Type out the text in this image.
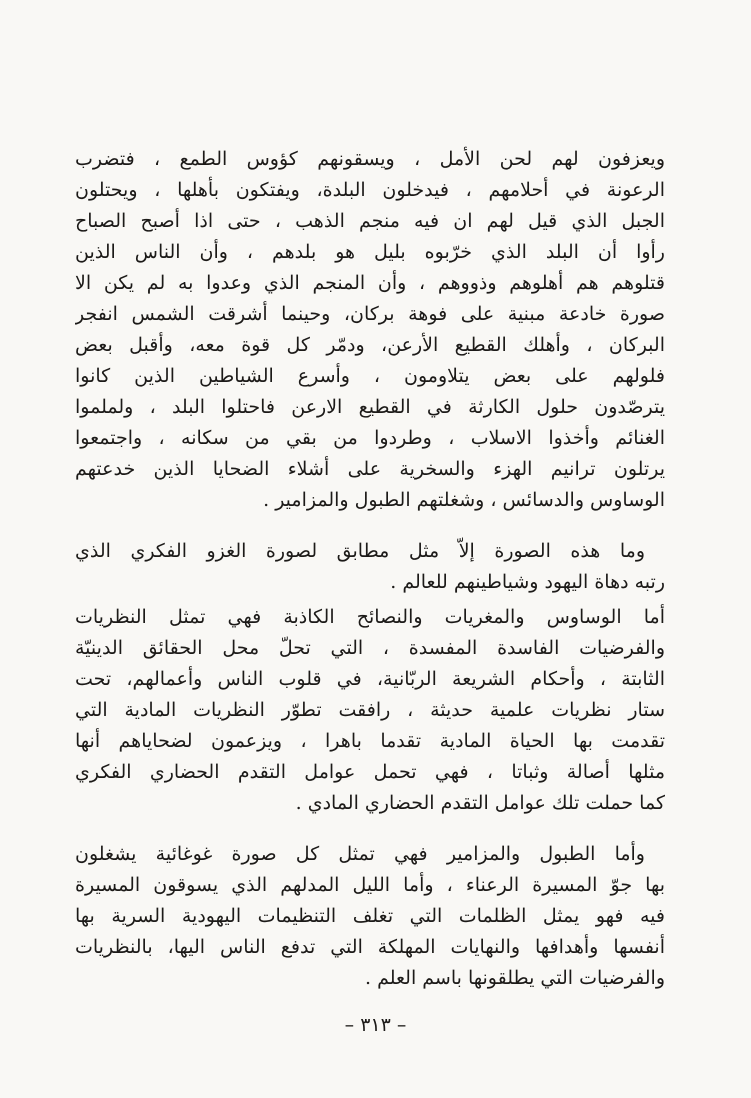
ويعزفون لهم لحن الأمل ، ويسقونهم كؤوس الطمع ، فتضرب
الرعونة في أحلامهم ، فيدخلون البلدة، ويفتكون بأهلها ، ويحتلون
الجبل الذي قيل لهم ان فيه منجم الذهب ، حتى اذا أصبح الصباح
رأوا أن البلد الذي خرّبوه بليل هو بلدهم ، وأن الناس الذين
قتلوهم هم أهلوهم وذووهم ، وأن المنجم الذي وعدوا به لم يكن الا
صورة خادعة مبنية على فوهة بركان، وحينما أشرقت الشمس انفجر
البركان ، وأهلك القطيع الأرعن، ودمّر كل قوة معه، وأقبل بعض
فلولهم على بعض يتلاومون ، وأسرع الشياطين الذين كانوا
يترصّدون حلول الكارثة في القطيع الارعن فاحتلوا البلد ، ولملموا
الغنائم وأخذوا الاسلاب ، وطردوا من بقي من سكانه ، واجتمعوا
يرتلون ترانيم الهزء والسخرية على أشلاء الضحايا الذين خدعتهم
الوساوس والدسائس ، وشغلتهم الطبول والمزامير .
وما هذه الصورة إلاّ مثل مطابق لصورة الغزو الفكري الذي
رتبه دهاة اليهود وشياطينهم للعالم .
أما الوساوس والمغريات والنصائح الكاذبة فهي تمثل النظريات
والفرضيات الفاسدة المفسدة ، التي تحلّ محل الحقائق الدينيّة
الثابتة ، وأحكام الشريعة الربّانية، في قلوب الناس وأعمالهم، تحت
ستار نظريات علمية حديثة ، رافقت تطوّر النظريات المادية التي
تقدمت بها الحياة المادية تقدما باهرا ، ويزعمون لضحاياهم أنها
مثلها أصالة وثباتا ، فهي تحمل عوامل التقدم الحضاري الفكري
كما حملت تلك عوامل التقدم الحضاري المادي .
وأما الطبول والمزامير فهي تمثل كل صورة غوغائية يشغلون
بها جوّ المسيرة الرعناء ، وأما الليل المدلهم الذي يسوقون المسيرة
فيه فهو يمثل الظلمات التي تغلف التنظيمات اليهودية السرية بها
أنفسها وأهدافها والنهايات المهلكة التي تدفع الناس اليها، بالنظريات
والفرضيات التي يطلقونها باسم العلم .
– ٣١٣ –
